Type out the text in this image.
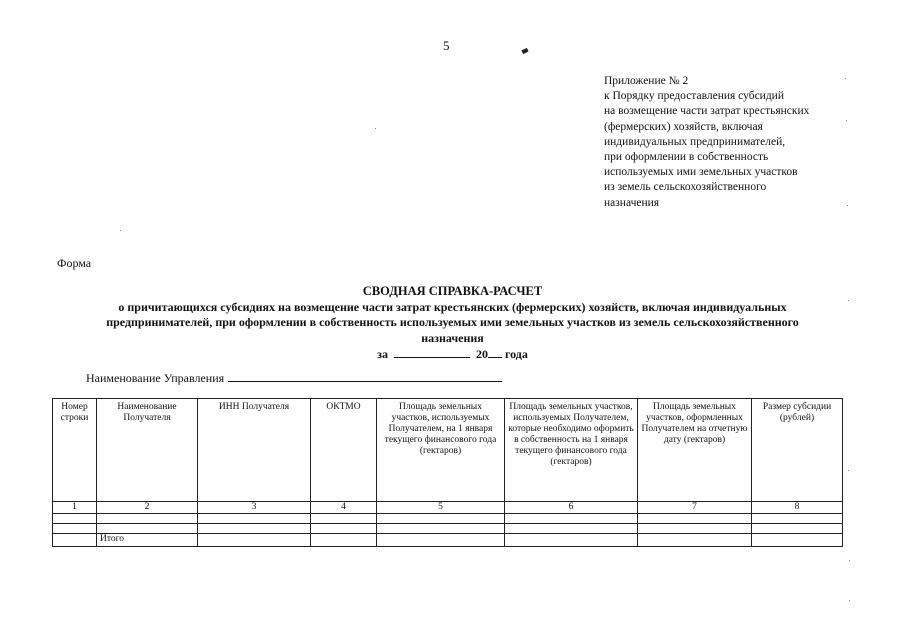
5
Приложение № 2
к Порядку предоставления субсидий
на возмещение части затрат крестьянских
(фермерских) хозяйств, включая
индивидуальных предпринимателей,
при оформлении в собственность
используемых ими земельных участков
из земель сельскохозяйственного
назначения
Форма
СВОДНАЯ СПРАВКА-РАСЧЕТ
о причитающихся субсидиях на возмещение части затрат крестьянских (фермерских) хозяйств, включая индивидуальных
предпринимателей, при оформлении в собственность используемых ими земельных участков из земель сельскохозяйственного
назначения
за	20 года
Наименование Управления
Номер строки	Наименование Получателя	ИНН Получателя	ОКТМО	Площадь земельных участков, используемых Получателем, на 1 января текущего финансового года (гектаров)	Площадь земельных участков, используемых Получателем, которые необходимо оформить в собственность на 1 января текущего финансового года (гектаров)	Площадь земельных участков, оформленных Получателем на отчетную дату (гектаров)	Размер субсидии (рублей)
1	2	3	4	5	6	7	8

	Итого						
